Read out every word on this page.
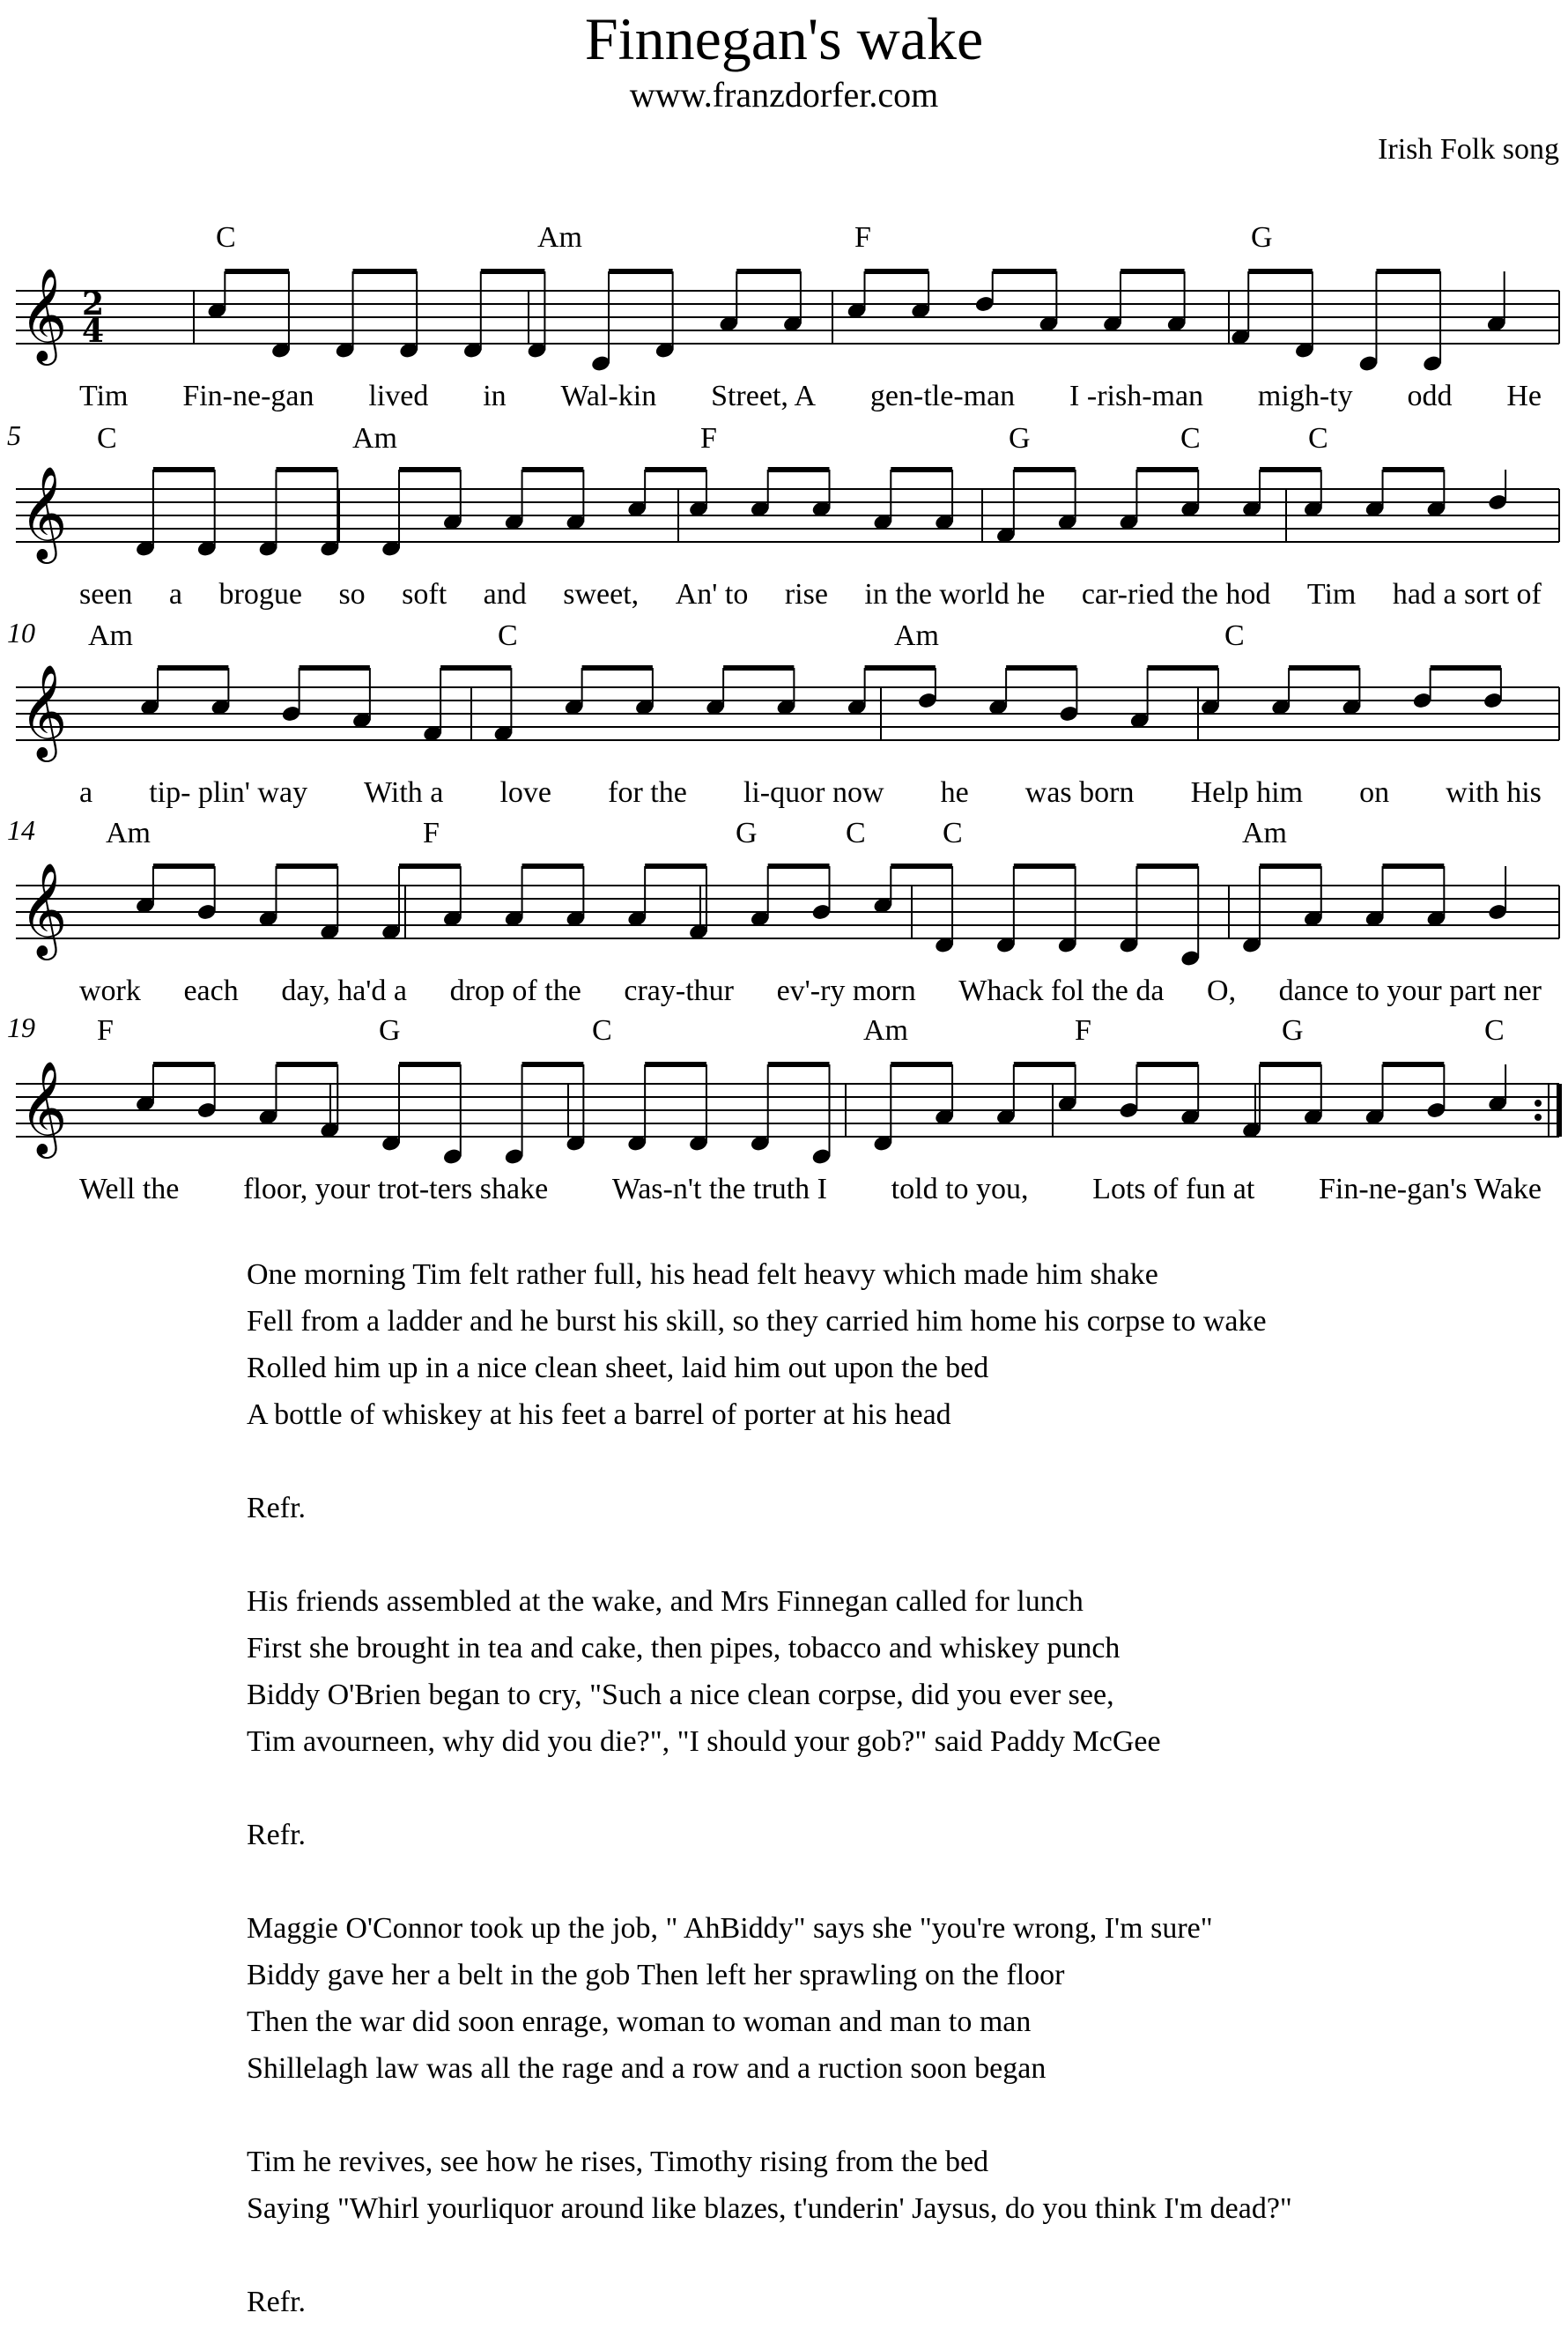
Finnegan's wake
www.franzdorfer.com
Irish Folk song
𝄞 2
4
C	Am	F	G
Tim Fin-ne-gan lived in Wal-kin Street, A gen-tle-man I -rish-man migh-ty odd He
𝄞
5	C	Am	F	G	C	C
seen a brogue so soft and sweet, An' to rise in the world he car-ried the hod Tim had a sort of
𝄞
10 Am	C	Am	C
a tip- plin' way With a love for the li-quor now he was born Help him on with his
𝄞
14 Am	F	G	C	C	Am
work each day, ha'd a drop of the cray-thur ev'-ry morn Whack fol the da O, dance to your part ner
𝄞
19 F	G	C	Am	F	G	C
Well the floor, your trot-ters shake Was-n't the truth I told to you, Lots of fun at Fin-ne-gan's Wake
One morning Tim felt rather full, his head felt heavy which made him shake
Fell from a ladder and he burst his skill, so they carried him home his corpse to wake
Rolled him up in a nice clean sheet, laid him out upon the bed
A bottle of whiskey at his feet a barrel of porter at his head
Refr.
His friends assembled at the wake, and Mrs Finnegan called for lunch
First she brought in tea and cake, then pipes, tobacco and whiskey punch
Biddy O'Brien began to cry, "Such a nice clean corpse, did you ever see,
Tim avourneen, why did you die?", "I should your gob?" said Paddy McGee
Refr.
Maggie O'Connor took up the job, " AhBiddy" says she "you're wrong, I'm sure"
Biddy gave her a belt in the gob Then left her sprawling on the floor
Then the war did soon enrage, woman to woman and man to man
Shillelagh law was all the rage and a row and a ruction soon began
Tim he revives, see how he rises, Timothy rising from the bed
Saying "Whirl yourliquor around like blazes, t'underin' Jaysus, do you think I'm dead?"
Refr.
